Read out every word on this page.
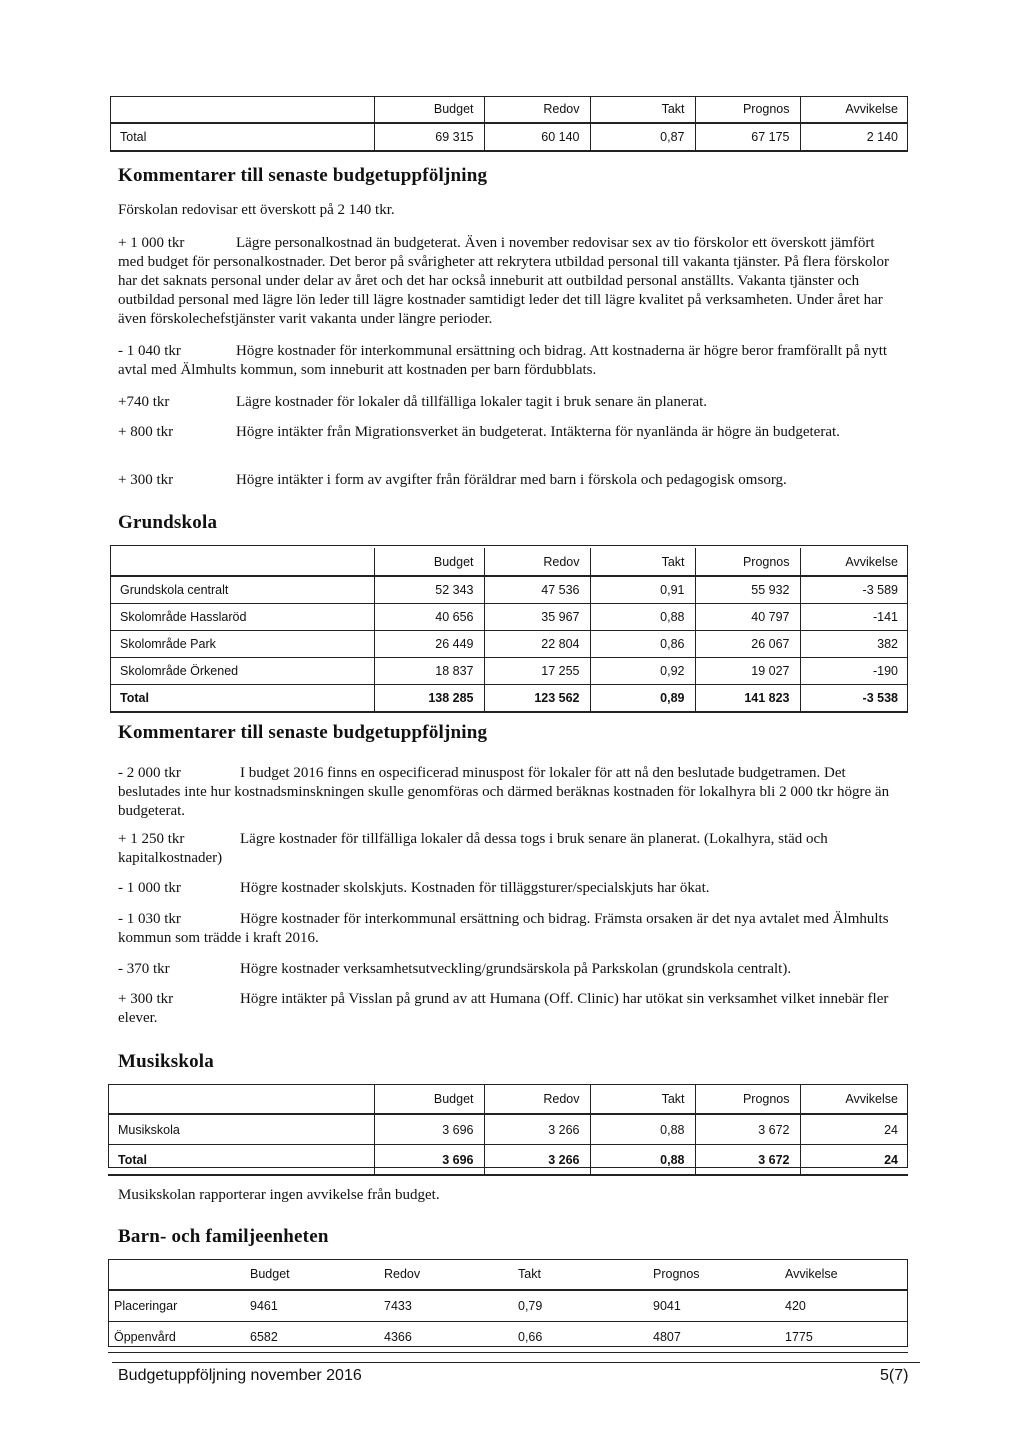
	Budget	Redov	Takt	Prognos	Avvikelse
Total	69 315	60 140	0,87	67 175	2 140
Kommentarer till senaste budgetuppföljning

Förskolan redovisar ett överskott på 2 140 tkr.

+ 1 000 tkr	Lägre personalkostnad än budgeterat. Även i november redovisar sex av tio förskolor ett överskott jämfört med budget för personalkostnader. Det beror på svårigheter att rekrytera utbildad personal till vakanta tjänster. På flera förskolor har det saknats personal under delar av året och det har också inneburit att outbildad personal anställts. Vakanta tjänster och outbildad personal med lägre lön leder till lägre kostnader samtidigt leder det till lägre kvalitet på verksamheten. Under året har även förskolechefstjänster varit vakanta under längre perioder.

- 1 040 tkr	Högre kostnader för interkommunal ersättning och bidrag. Att kostnaderna är högre beror framförallt på nytt avtal med Älmhults kommun, som inneburit att kostnaden per barn fördubblats.

+740 tkr	Lägre kostnader för lokaler då tillfälliga lokaler tagit i bruk senare än planerat.

+ 800 tkr	Högre intäkter från Migrationsverket än budgeterat. Intäkterna för nyanlända är högre än budgeterat.

+ 300 tkr	Högre intäkter i form av avgifter från föräldrar med barn i förskola och pedagogisk omsorg.

Grundskola
	Budget	Redov	Takt	Prognos	Avvikelse
Grundskola centralt	52 343	47 536	0,91	55 932	-3 589
Skolområde Hasslaröd	40 656	35 967	0,88	40 797	-141
Skolområde Park	26 449	22 804	0,86	26 067	382
Skolområde Örkened	18 837	17 255	0,92	19 027	-190
Total	138 285	123 562	0,89	141 823	-3 538
Kommentarer till senaste budgetuppföljning

- 2 000 tkr	I budget 2016 finns en ospecificerad minuspost för lokaler för att nå den beslutade budgetramen. Det beslutades inte hur kostnadsminskningen skulle genomföras och därmed beräknas kostnaden för lokalhyra bli 2 000 tkr högre än budgeterat.

+ 1 250 tkr	Lägre kostnader för tillfälliga lokaler då dessa togs i bruk senare än planerat. (Lokalhyra, städ och kapitalkostnader)

- 1 000 tkr	Högre kostnader skolskjuts. Kostnaden för tilläggsturer/specialskjuts har ökat.

- 1 030 tkr	Högre kostnader för interkommunal ersättning och bidrag. Främsta orsaken är det nya avtalet med Älmhults kommun som trädde i kraft 2016.

- 370 tkr	Högre kostnader verksamhetsutveckling/grundsärskola på Parkskolan (grundskola centralt).

+ 300 tkr	Högre intäkter på Visslan på grund av att Humana (Off. Clinic) har utökat sin verksamhet vilket innebär fler elever.

Musikskola
	Budget	Redov	Takt	Prognos	Avvikelse
Musikskola	3 696	3 266	0,88	3 672	24
Total	3 696	3 266	0,88	3 672	24

Musikskolan rapporterar ingen avvikelse från budget.

Barn- och familjeenheten
	Budget	Redov	Takt	Prognos	Avvikelse
Placeringar	9461	7433	0,79	9041	420
Öppenvård	6582	4366	0,66	4807	1775
Budgetuppföljning november 2016	5(7)
